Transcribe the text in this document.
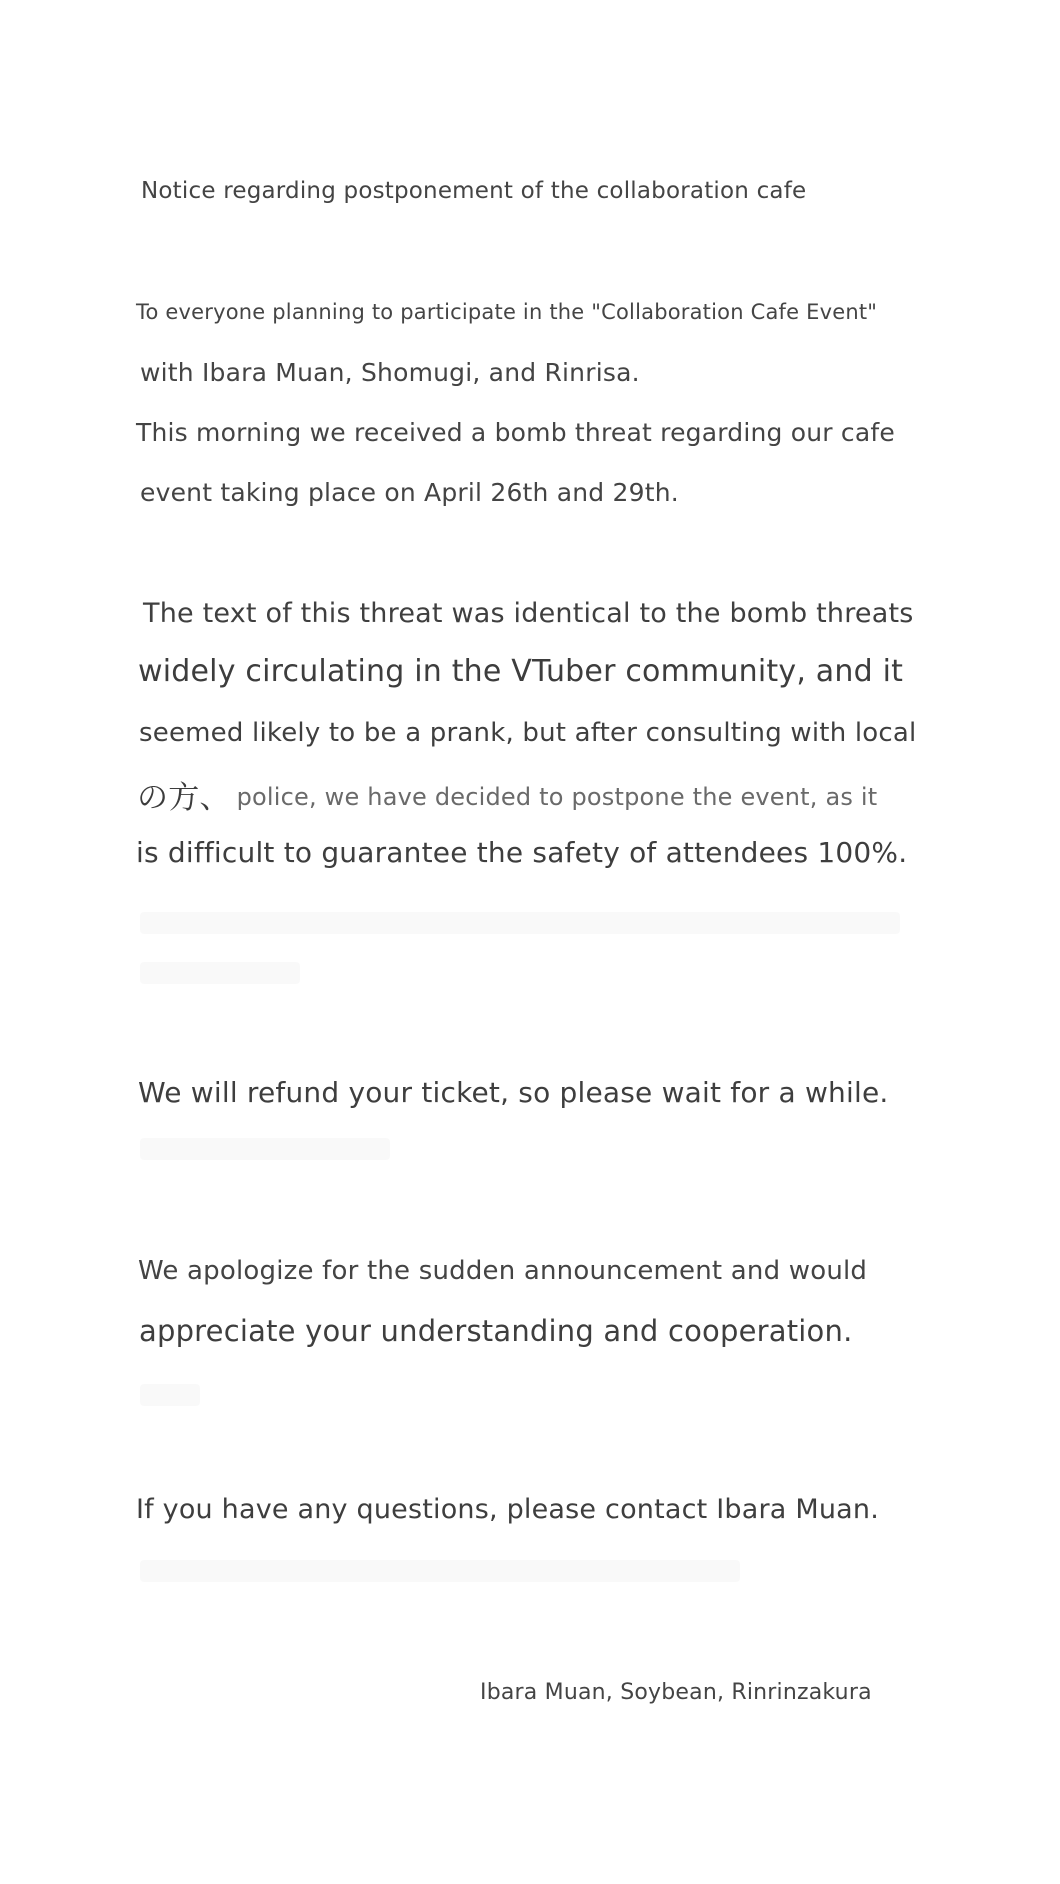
Notice regarding postponement of the collaboration cafe
To everyone planning to participate in the "Collaboration Cafe Event"
with Ibara Muan, Shomugi, and Rinrisa.
This morning we received a bomb threat regarding our cafe
event taking place on April 26th and 29th.
The text of this threat was identical to the bomb threats
widely circulating in the VTuber community, and it
seemed likely to be a prank, but after consulting with local
の方、 police, we have decided to postpone the event, as it
is difficult to guarantee the safety of attendees 100%.
We will refund your ticket, so please wait for a while.
We apologize for the sudden announcement and would
appreciate your understanding and cooperation.
If you have any questions, please contact Ibara Muan.
Ibara Muan, Soybean, Rinrinzakura
